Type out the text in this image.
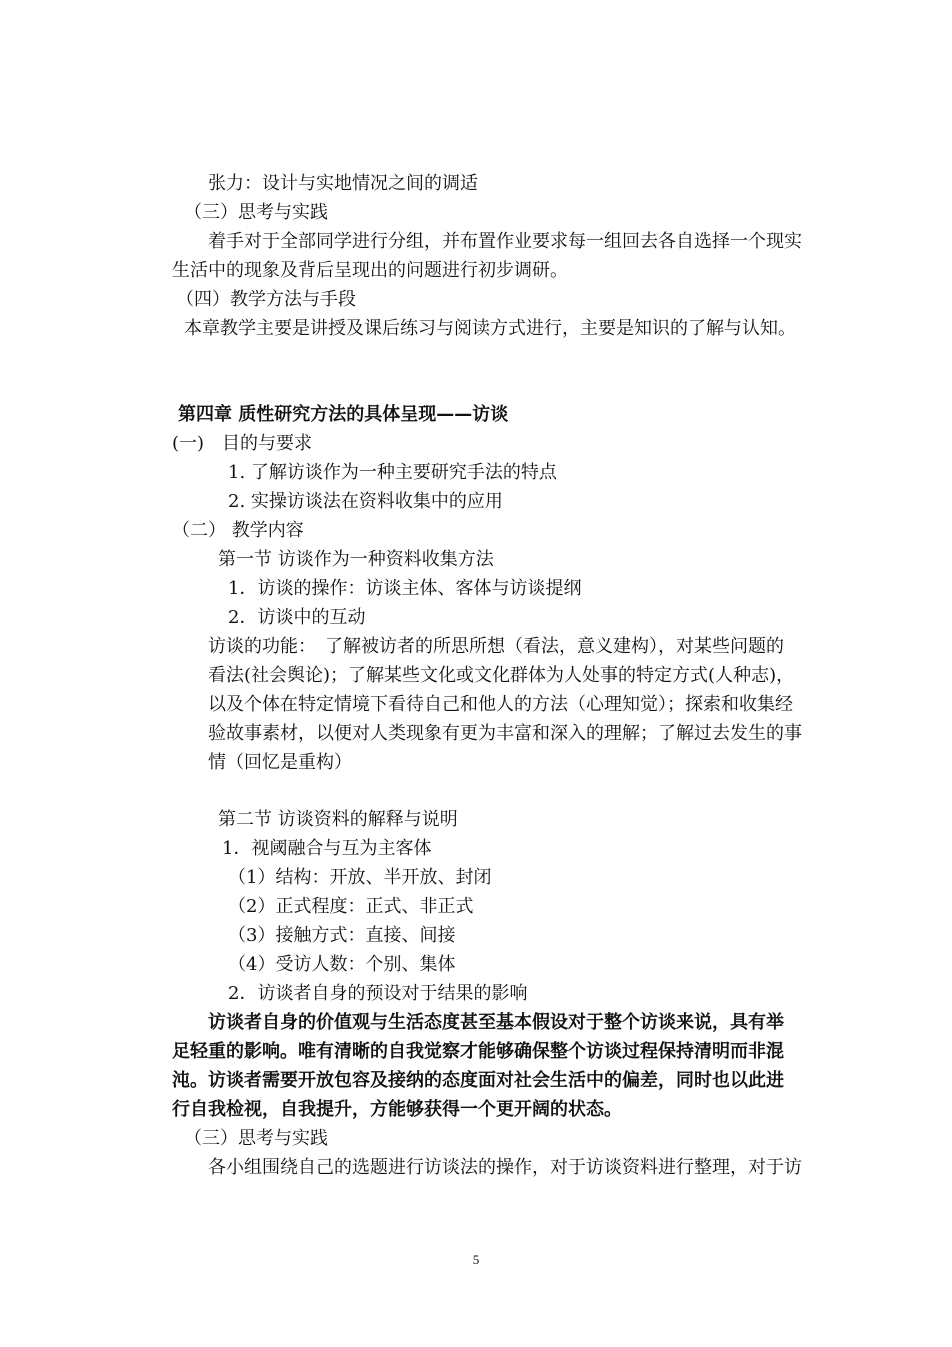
张力：设计与实地情况之间的调适
（三）思考与实践
着手对于全部同学进行分组，并布置作业要求每一组回去各自选择一个现实
生活中的现象及背后呈现出的问题进行初步调研。
（四）教学方法与手段
本章教学主要是讲授及课后练习与阅读方式进行，主要是知识的了解与认知。
第四章 质性研究方法的具体呈现——访谈
(一)　目的与要求
1. 了解访谈作为一种主要研究手法的特点
2. 实操访谈法在资料收集中的应用
（二） 教学内容
第一节 访谈作为一种资料收集方法
1．访谈的操作：访谈主体、客体与访谈提纲
2．访谈中的互动
访谈的功能：　了解被访者的所思所想（看法，意义建构），对某些问题的
看法(社会舆论)；了解某些文化或文化群体为人处事的特定方式(人种志)，
以及个体在特定情境下看待自己和他人的方法（心理知觉）；探索和收集经
验故事素材，以便对人类现象有更为丰富和深入的理解；了解过去发生的事
情（回忆是重构）
第二节 访谈资料的解释与说明
1．视阈融合与互为主客体
（1）结构：开放、半开放、封闭
（2）正式程度：正式、非正式
（3）接触方式：直接、间接
（4）受访人数：个别、集体
2．访谈者自身的预设对于结果的影响
访谈者自身的价值观与生活态度甚至基本假设对于整个访谈来说，具有举
足轻重的影响。唯有清晰的自我觉察才能够确保整个访谈过程保持清明而非混
沌。访谈者需要开放包容及接纳的态度面对社会生活中的偏差，同时也以此进
行自我检视，自我提升，方能够获得一个更开阔的状态。
（三）思考与实践
各小组围绕自己的选题进行访谈法的操作，对于访谈资料进行整理，对于访
5
